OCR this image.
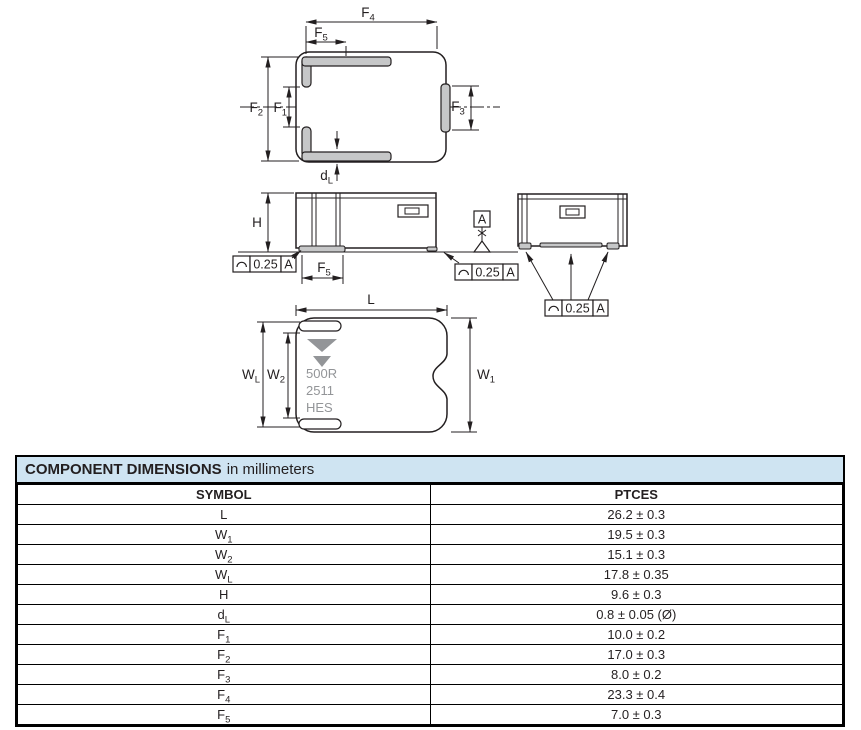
$F_4$
$F_5$
$F_2$ $F_1$	$F_3$
$d_L$
H
$F_5$
0.25 A
A
0.25 A
0.25 A
L
500R
2511
HES
$W_L$ $W_2$	$W_1$
COMPONENT DIMENSIONS in millimeters
SYMBOL	PTCES
L	26.2 ± 0.3
$W_1$	19.5 ± 0.3
$W_2$	15.1 ± 0.3
$W_L$	17.8 ± 0.35
H	9.6 ± 0.3
$d_L$	0.8 ± 0.05 (Ø)
$F_1$	10.0 ± 0.2
$F_2$	17.0 ± 0.3
$F_3$	8.0 ± 0.2
$F_4$	23.3 ± 0.4
$F_5$	7.0 ± 0.3
